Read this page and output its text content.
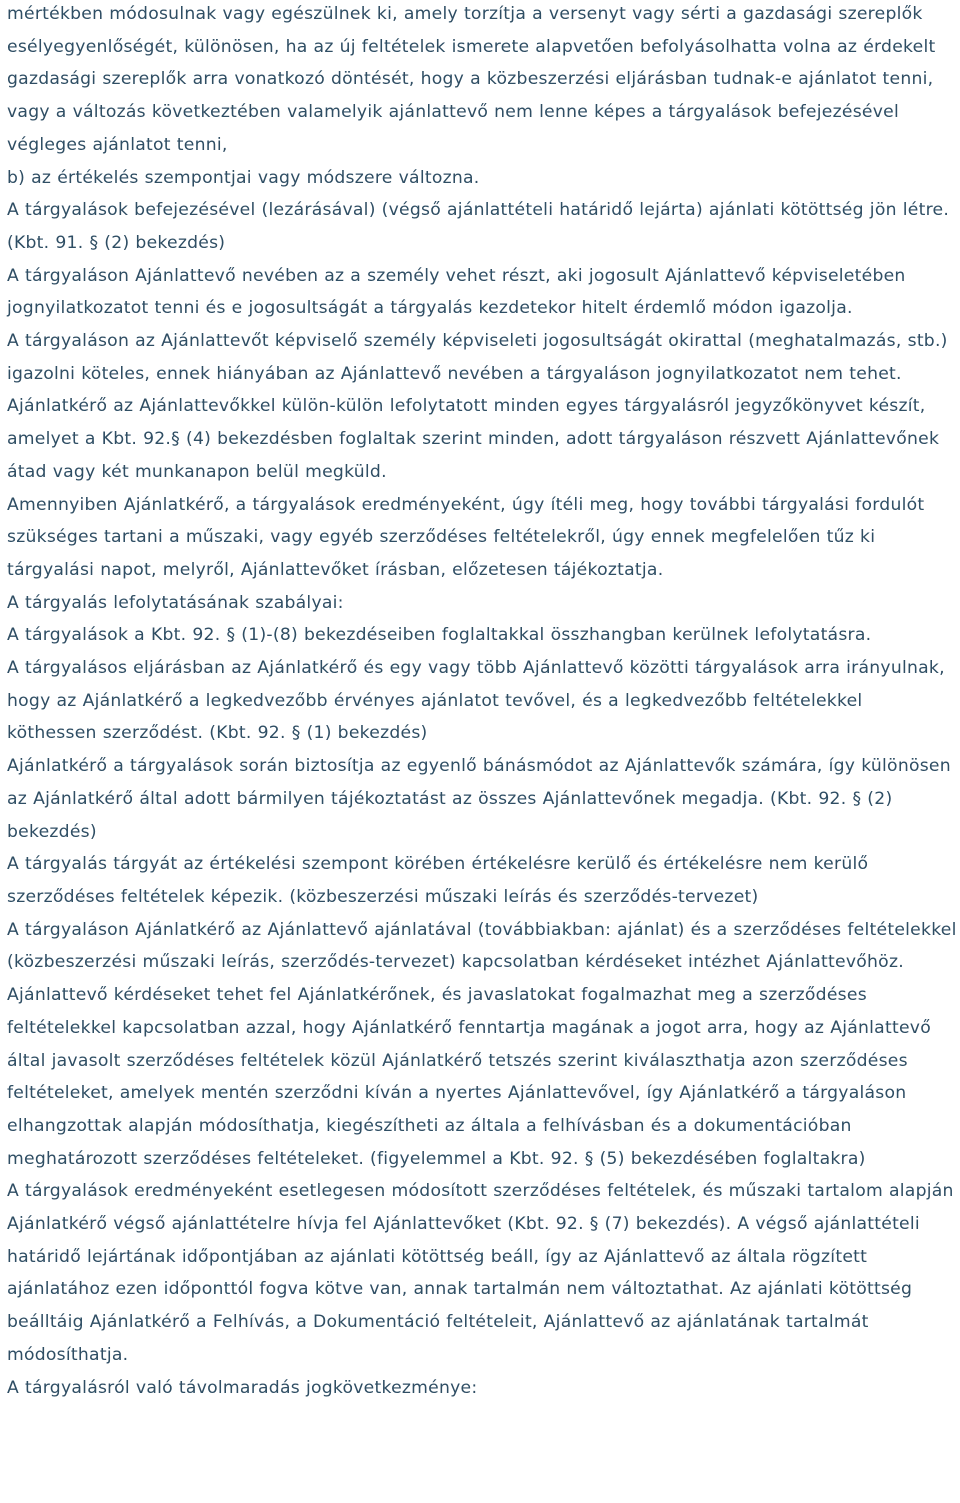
mértékben módosulnak vagy egészülnek ki, amely torzítja a versenyt vagy sérti a gazdasági szereplők esélyegyenlőségét, különösen, ha az új feltételek ismerete alapvetően befolyásolhatta volna az érdekelt gazdasági szereplők arra vonatkozó döntését, hogy a közbeszerzési eljárásban tudnak-e ajánlatot tenni, vagy a változás következtében valamelyik ajánlattevő nem lenne képes a tárgyalások befejezésével végleges ajánlatot tenni,

b) az értékelés szempontjai vagy módszere változna.

A tárgyalások befejezésével (lezárásával) (végső ajánlattételi határidő lejárta) ajánlati kötöttség jön létre. (Kbt. 91. § (2) bekezdés)

A tárgyaláson Ajánlattevő nevében az a személy vehet részt, aki jogosult Ajánlattevő képviseletében jognyilatkozatot tenni és e jogosultságát a tárgyalás kezdetekor hitelt érdemlő módon igazolja.

A tárgyaláson az Ajánlattevőt képviselő személy képviseleti jogosultságát okirattal (meghatalmazás, stb.) igazolni köteles, ennek hiányában az Ajánlattevő nevében a tárgyaláson jognyilatkozatot nem tehet.

Ajánlatkérő az Ajánlattevőkkel külön-külön lefolytatott minden egyes tárgyalásról jegyzőkönyvet készít, amelyet a Kbt. 92.§ (4) bekezdésben foglaltak szerint minden, adott tárgyaláson részvett Ajánlattevőnek átad vagy két munkanapon belül megküld.

Amennyiben Ajánlatkérő, a tárgyalások eredményeként, úgy ítéli meg, hogy további tárgyalási fordulót szükséges tartani a műszaki, vagy egyéb szerződéses feltételekről, úgy ennek megfelelően tűz ki tárgyalási napot, melyről, Ajánlattevőket írásban, előzetesen tájékoztatja.

A tárgyalás lefolytatásának szabályai:

A tárgyalások a Kbt. 92. § (1)-(8) bekezdéseiben foglaltakkal összhangban kerülnek lefolytatásra.

A tárgyalásos eljárásban az Ajánlatkérő és egy vagy több Ajánlattevő közötti tárgyalások arra irányulnak, hogy az Ajánlatkérő a legkedvezőbb érvényes ajánlatot tevővel, és a legkedvezőbb feltételekkel köthessen szerződést. (Kbt. 92. § (1) bekezdés)

Ajánlatkérő a tárgyalások során biztosítja az egyenlő bánásmódot az Ajánlattevők számára, így különösen az Ajánlatkérő által adott bármilyen tájékoztatást az összes Ajánlattevőnek megadja. (Kbt. 92. § (2) bekezdés)

A tárgyalás tárgyát az értékelési szempont körében értékelésre kerülő és értékelésre nem kerülő szerződéses feltételek képezik. (közbeszerzési műszaki leírás és szerződés-tervezet)

A tárgyaláson Ajánlatkérő az Ajánlattevő ajánlatával (továbbiakban: ajánlat) és a szerződéses feltételekkel (közbeszerzési műszaki leírás, szerződés-tervezet) kapcsolatban kérdéseket intézhet Ajánlattevőhöz.

Ajánlattevő kérdéseket tehet fel Ajánlatkérőnek, és javaslatokat fogalmazhat meg a szerződéses feltételekkel kapcsolatban azzal, hogy Ajánlatkérő fenntartja magának a jogot arra, hogy az Ajánlattevő által javasolt szerződéses feltételek közül Ajánlatkérő tetszés szerint kiválaszthatja azon szerződéses feltételeket, amelyek mentén szerződni kíván a nyertes Ajánlattevővel, így Ajánlatkérő a tárgyaláson elhangzottak alapján módosíthatja, kiegészítheti az általa a felhívásban és a dokumentációban meghatározott szerződéses feltételeket. (figyelemmel a Kbt. 92. § (5) bekezdésében foglaltakra)

A tárgyalások eredményeként esetlegesen módosított szerződéses feltételek, és műszaki tartalom alapján Ajánlatkérő végső ajánlattételre hívja fel Ajánlattevőket (Kbt. 92. § (7) bekezdés). A végső ajánlattételi határidő lejártának időpontjában az ajánlati kötöttség beáll, így az Ajánlattevő az általa rögzített ajánlatához ezen időponttól fogva kötve van, annak tartalmán nem változtathat. Az ajánlati kötöttség beálltáig Ajánlatkérő a Felhívás, a Dokumentáció feltételeit, Ajánlattevő az ajánlatának tartalmát módosíthatja.

A tárgyalásról való távolmaradás jogkövetkezménye:
